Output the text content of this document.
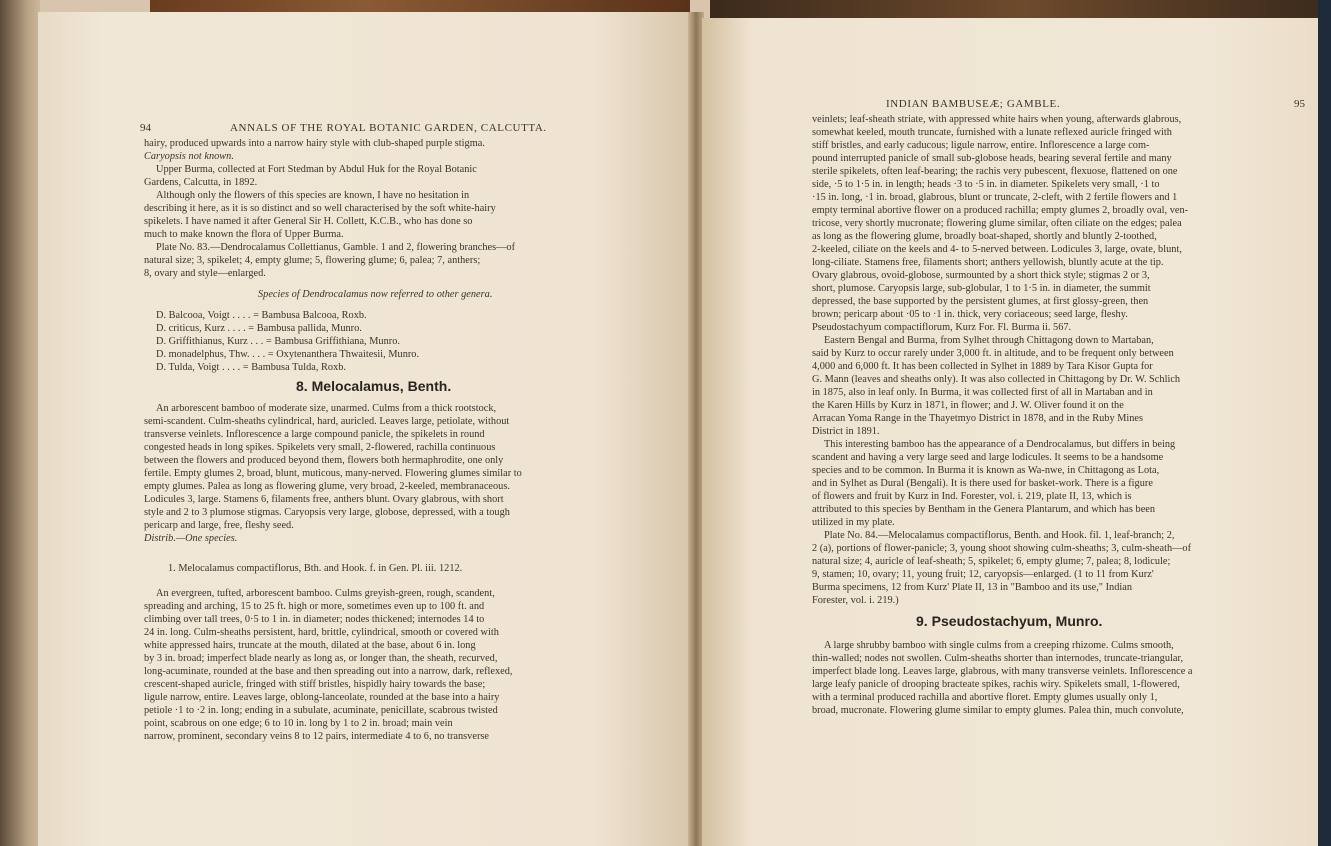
94	ANNALS OF THE ROYAL BOTANIC GARDEN, CALCUTTA.
hairy, produced upwards into a narrow hairy style with club-shaped purple stigma.
Caryopsis not known.
Upper Burma, collected at Fort Stedman by Abdul Huk for the Royal Botanic
Gardens, Calcutta, in 1892.
Although only the flowers of this species are known, I have no hesitation in
describing it here, as it is so distinct and so well characterised by the soft white-hairy
spikelets. I have named it after General Sir H. Collett, K.C.B., who has done so
much to make known the flora of Upper Burma.
Plate No. 83.—Dendrocalamus Collettianus, Gamble. 1 and 2, flowering branches—of
natural size; 3, spikelet; 4, empty glume; 5, flowering glume; 6, palea; 7, anthers;
8, ovary and style—enlarged.
Species of Dendrocalamus now referred to other genera.
D. Balcooa, Voigt . . . . = Bambusa Balcooa, Roxb.
D. criticus, Kurz . . . . = Bambusa pallida, Munro.
D. Griffithianus, Kurz . . . = Bambusa Griffithiana, Munro.
D. monadelphus, Thw. . . . = Oxytenanthera Thwaitesii, Munro.
D. Tulda, Voigt . . . . = Bambusa Tulda, Roxb.
8. Melocalamus, Benth.
An arborescent bamboo of moderate size, unarmed. Culms from a thick rootstock,
semi-scandent. Culm-sheaths cylindrical, hard, auricled. Leaves large, petiolate, without
transverse veinlets. Inflorescence a large compound panicle, the spikelets in round
congested heads in long spikes. Spikelets very small, 2-flowered, rachilla continuous
between the flowers and produced beyond them, flowers both hermaphrodite, one only
fertile. Empty glumes 2, broad, blunt, muticous, many-nerved. Flowering glumes similar to
empty glumes. Palea as long as flowering glume, very broad, 2-keeled, membranaceous.
Lodicules 3, large. Stamens 6, filaments free, anthers blunt. Ovary glabrous, with short
style and 2 to 3 plumose stigmas. Caryopsis very large, globose, depressed, with a tough
pericarp and large, free, fleshy seed.
Distrib.—One species.
1. Melocalamus compactiflorus, Bth. and Hook. f. in Gen. Pl. iii. 1212.
An evergreen, tufted, arborescent bamboo. Culms greyish-green, rough, scandent,
spreading and arching, 15 to 25 ft. high or more, sometimes even up to 100 ft. and
climbing over tall trees, 0·5 to 1 in. in diameter; nodes thickened; internodes 14 to
24 in. long. Culm-sheaths persistent, hard, brittle, cylindrical, smooth or covered with
white appressed hairs, truncate at the mouth, dilated at the base, about 6 in. long
by 3 in. broad; imperfect blade nearly as long as, or longer than, the sheath, recurved,
long-acuminate, rounded at the base and then spreading out into a narrow, dark, reflexed,
crescent-shaped auricle, fringed with stiff bristles, hispidly hairy towards the base;
ligule narrow, entire. Leaves large, oblong-lanceolate, rounded at the base into a hairy
petiole ·1 to ·2 in. long; ending in a subulate, acuminate, penicillate, scabrous twisted
point, scabrous on one edge; 6 to 10 in. long by 1 to 2 in. broad; main vein
narrow, prominent, secondary veins 8 to 12 pairs, intermediate 4 to 6, no transverse
INDIAN BAMBUSEÆ; GAMBLE.	95
veinlets; leaf-sheath striate, with appressed white hairs when young, afterwards glabrous,
somewhat keeled, mouth truncate, furnished with a lunate reflexed auricle fringed with
stiff bristles, and early caducous; ligule narrow, entire. Inflorescence a large com-
pound interrupted panicle of small sub-globose heads, bearing several fertile and many
sterile spikelets, often leaf-bearing; the rachis very pubescent, flexuose, flattened on one
side, ·5 to 1·5 in. in length; heads ·3 to ·5 in. in diameter. Spikelets very small, ·1 to
·15 in. long, ·1 in. broad, glabrous, blunt or truncate, 2-cleft, with 2 fertile flowers and 1
empty terminal abortive flower on a produced rachilla; empty glumes 2, broadly oval, ven-
tricose, very shortly mucronate; flowering glume similar, often ciliate on the edges; palea
as long as the flowering glume, broadly boat-shaped, shortly and bluntly 2-toothed,
2-keeled, ciliate on the keels and 4- to 5-nerved between. Lodicules 3, large, ovate, blunt,
long-ciliate. Stamens free, filaments short; anthers yellowish, bluntly acute at the tip.
Ovary glabrous, ovoid-globose, surmounted by a short thick style; stigmas 2 or 3,
short, plumose. Caryopsis large, sub-globular, 1 to 1·5 in. in diameter, the summit
depressed, the base supported by the persistent glumes, at first glossy-green, then
brown; pericarp about ·05 to ·1 in. thick, very coriaceous; seed large, fleshy.
Pseudostachyum compactiflorum, Kurz For. Fl. Burma ii. 567.
Eastern Bengal and Burma, from Sylhet through Chittagong down to Martaban,
said by Kurz to occur rarely under 3,000 ft. in altitude, and to be frequent only between
4,000 and 6,000 ft. It has been collected in Sylhet in 1889 by Tara Kisor Gupta for
G. Mann (leaves and sheaths only). It was also collected in Chittagong by Dr. W. Schlich
in 1875, also in leaf only. In Burma, it was collected first of all in Martaban and in
the Karen Hills by Kurz in 1871, in flower; and J. W. Oliver found it on the
Arracan Yoma Range in the Thayetmyo District in 1878, and in the Ruby Mines
District in 1891.
This interesting bamboo has the appearance of a Dendrocalamus, but differs in being
scandent and having a very large seed and large lodicules. It seems to be a handsome
species and to be common. In Burma it is known as Wa-nwe, in Chittagong as Lota,
and in Sylhet as Dural (Bengali). It is there used for basket-work. There is a figure
of flowers and fruit by Kurz in Ind. Forester, vol. i. 219, plate II, 13, which is
attributed to this species by Bentham in the Genera Plantarum, and which has been
utilized in my plate.
Plate No. 84.—Melocalamus compactiflorus, Benth. and Hook. fil. 1, leaf-branch; 2,
2 (a), portions of flower-panicle; 3, young shoot showing culm-sheaths; 3, culm-sheath—of
natural size; 4, auricle of leaf-sheath; 5, spikelet; 6, empty glume; 7, palea; 8, lodicule;
9, stamen; 10, ovary; 11, young fruit; 12, caryopsis—enlarged. (1 to 11 from Kurz'
Burma specimens, 12 from Kurz' Plate II, 13 in "Bamboo and its use," Indian
Forester, vol. i. 219.)
9. Pseudostachyum, Munro.
A large shrubby bamboo with single culms from a creeping rhizome. Culms smooth,
thin-walled; nodes not swollen. Culm-sheaths shorter than internodes, truncate-triangular,
imperfect blade long. Leaves large, glabrous, with many transverse veinlets. Inflorescence a
large leafy panicle of drooping bracteate spikes, rachis wiry. Spikelets small, 1-flowered,
with a terminal produced rachilla and abortive floret. Empty glumes usually only 1,
broad, mucronate. Flowering glume similar to empty glumes. Palea thin, much convolute,
